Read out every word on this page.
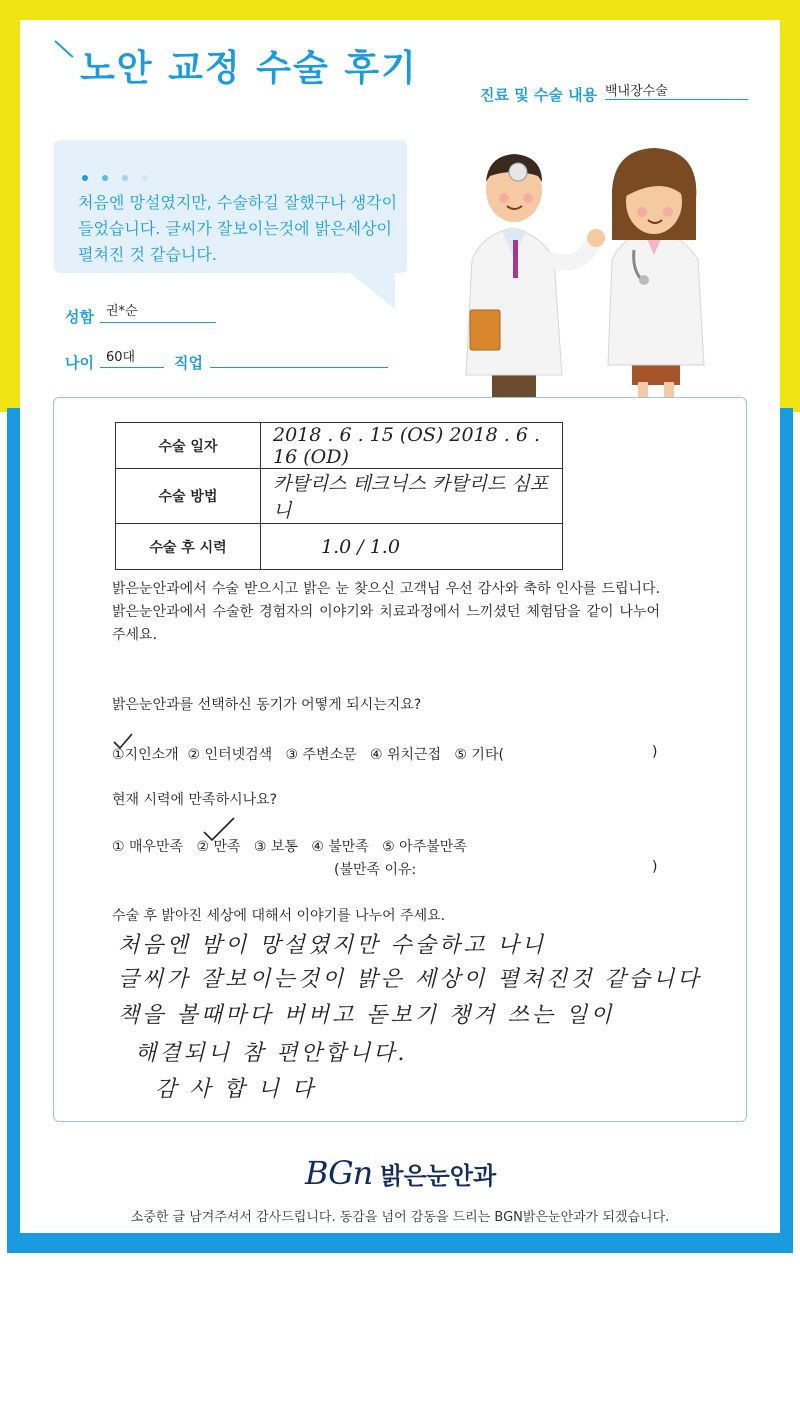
노안 교정 수술 후기
진료 및 수술 내용 백내장수술
처음엔 망설였지만, 수술하길 잘했구나 생각이 들었습니다. 글씨가 잘보이는것에 밝은세상이 펼쳐진 것 같습니다.
성함 권*순
나이 60대	직업
수술 일자	2018 . 6 . 15 (OS) 2018 . 6 . 16 (OD)
수술 방법	카탈리스 테크닉스 카탈리드 심포니
수술 후 시력	1.0 / 1.0
밝은눈안과에서 수술 받으시고 밝은 눈 찾으신 고객님 우선 감사와 축하 인사를 드립니다. 밝은눈안과에서 수술한 경험자의 이야기와 치료과정에서 느끼셨던 체험담을 같이 나누어주세요.
밝은눈안과를 선택하신 동기가 어떻게 되시는지요?
①지인소개  ② 인터넷검색   ③ 주변소문   ④ 위치근접   ⑤ 기타(	)
현재 시력에 만족하시나요?
① 매우만족   ② 만족   ③ 보통   ④ 불만족   ⑤ 아주불만족
(불만족 이유:	)
수술 후 밝아진 세상에 대해서 이야기를 나누어 주세요.
처음엔 밤이 망설였지만 수술하고 나니
글씨가 잘보이는것이 밝은 세상이 펼쳐진것 같습니다
책을 볼때마다 버버고 돋보기 챙겨 쓰는 일이
해결되니 참 편안합니다.
감 사 합 니 다
BGn 밝은눈안과
소중한 글 남겨주셔서 감사드립니다. 동감을 넘어 감동을 드리는 BGN밝은눈안과가 되겠습니다.
